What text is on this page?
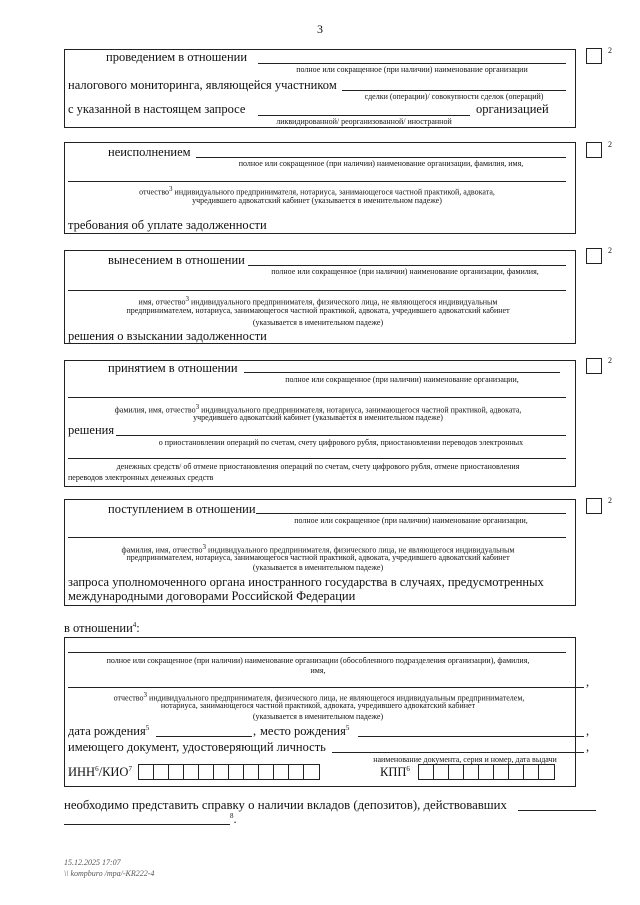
3
2
проведением в отношении
полное или сокращенное (при наличии) наименование организации
налогового мониторинга, являющейся участником
сделки (операции)/ совокупности сделок (операций)
с указанной в настоящем запросе	организацией
ликвидированной/ реорганизованной/ иностранной
2
неисполнением
полное или сокращенное (при наличии) наименование организации, фамилия, имя,
отчество$^3$ индивидуального предпринимателя, нотариуса, занимающегося частной практикой, адвоката,
учредившего адвокатский кабинет (указывается в именительном падеже)
требования об уплате задолженности
2
вынесением в отношении
полное или сокращенное (при наличии) наименование организации, фамилия,
имя, отчество$^3$ индивидуального предпринимателя, физического лица, не являющегося индивидуальным
предпринимателем, нотариуса, занимающегося частной практикой, адвоката, учредившего адвокатский кабинет
(указывается в именительном падеже)
решения о взыскании задолженности
2
принятием в отношении
полное или сокращенное (при наличии) наименование организации,
фамилия, имя, отчество$^3$ индивидуального предпринимателя, нотариуса, занимающегося частной практикой, адвоката,
учредившего адвокатский кабинет (указывается в именительном падеже)
решения
о приостановлении операций по счетам, счету цифрового рубля, приостановлении переводов электронных
денежных средств/ об отмене приостановления операций по счетам, счету цифрового рубля, отмене приостановления
переводов электронных денежных средств
2
поступлением в отношении
полное или сокращенное (при наличии) наименование организации,
фамилия, имя, отчество$^3$ индивидуального предпринимателя, физического лица, не являющегося индивидуальным
предпринимателем, нотариуса, занимающегося частной практикой, адвоката, учредившего адвокатский кабинет
(указывается в именительном падеже)
запроса уполномоченного органа иностранного государства в случаях, предусмотренных
международными договорами Российской Федерации
в отношении$^4$:
полное или сокращенное (при наличии) наименование организации (обособленного подразделения организации), фамилия,
имя,
,
отчество$^3$ индивидуального предпринимателя, физического лица, не являющегося индивидуальным предпринимателем,
нотариуса, занимающегося частной практикой, адвоката, учредившего адвокатский кабинет
(указывается в именительном падеже)
дата рождения$^5$	, место рождения$^5$	,
имеющего документ, удостоверяющий личность	,
наименование документа, серия и номер, дата выдачи
ИНН$^6$/КИО$^7$	КПП$^6$
необходимо представить справку о наличии вкладов (депозитов), действовавших
$^8$.
15.12.2025 17:07
\\ kompburo /mpa/-KR222-4
